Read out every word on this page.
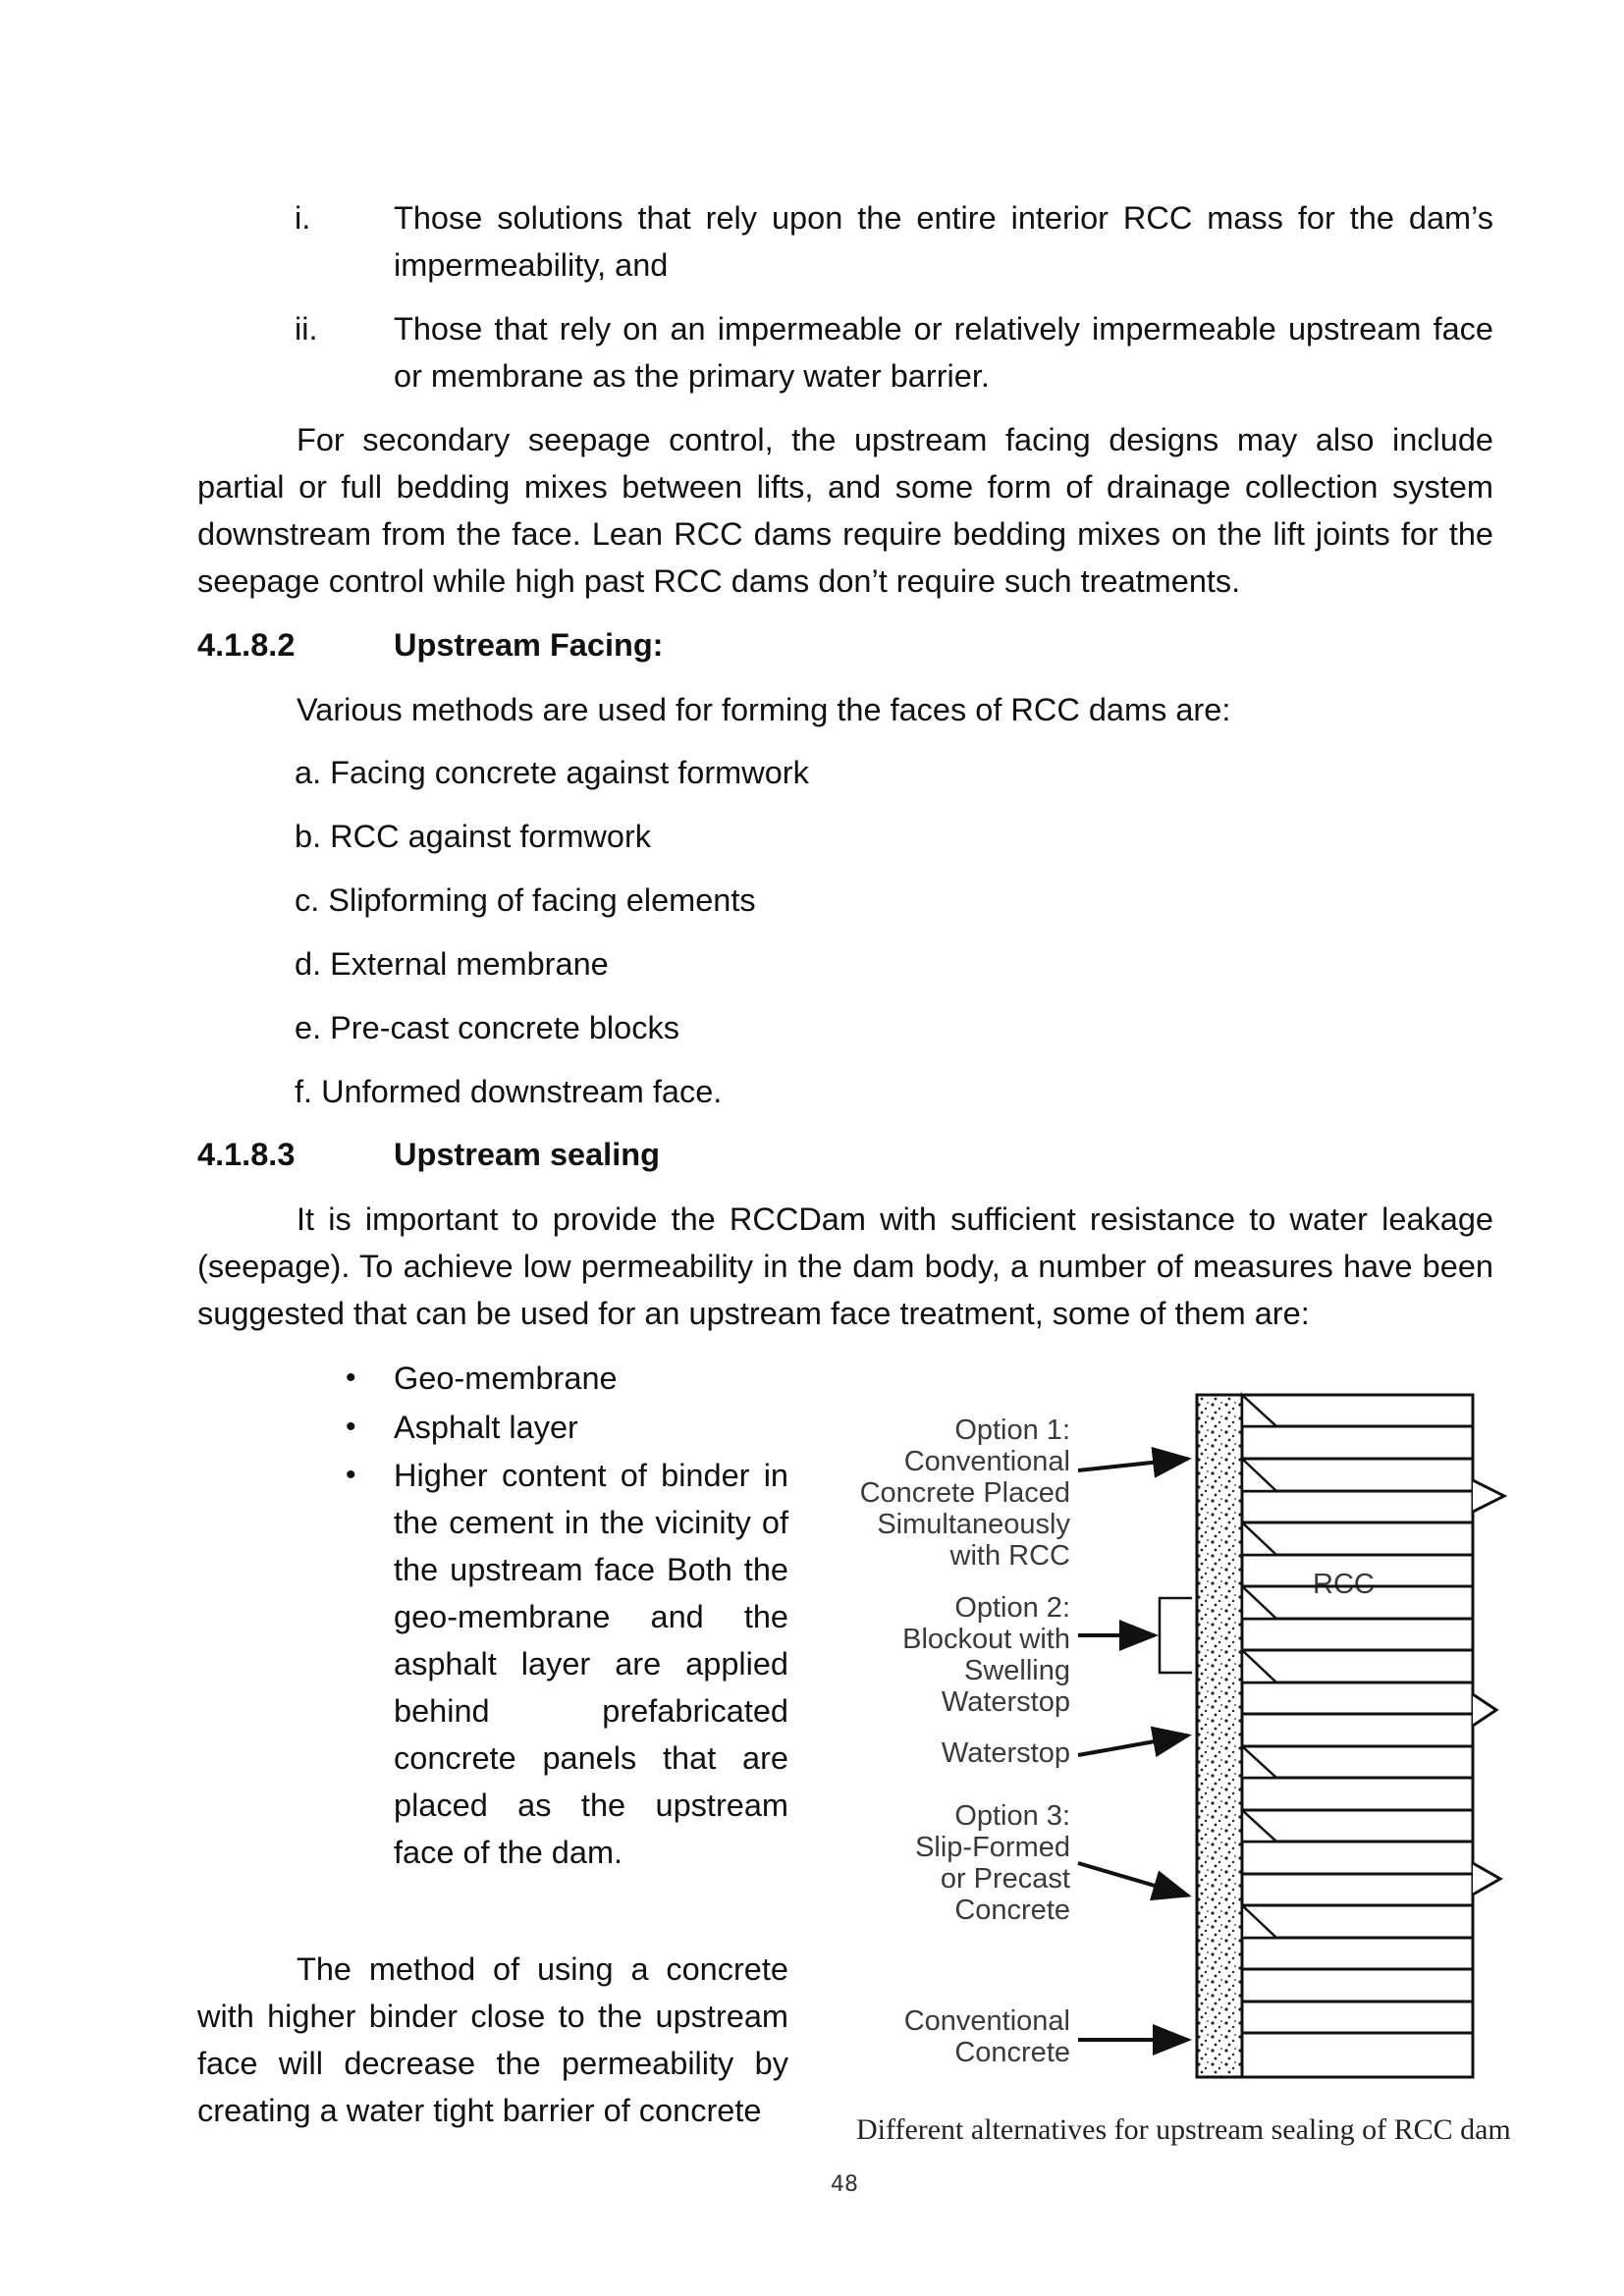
i.	Those solutions that rely upon the entire interior RCC mass for the dam’s impermeability, and

ii. Those that rely on an impermeable or relatively impermeable upstream face or membrane as the primary water barrier.

For secondary seepage control, the upstream facing designs may also include partial or full bedding mixes between lifts, and some form of drainage collection system downstream from the face. Lean RCC dams require bedding mixes on the lift joints for the seepage control while high past RCC dams don’t require such treatments.

4.1.8.2	Upstream Facing:

Various methods are used for forming the faces of RCC dams are:

a. Facing concrete against formwork
b. RCC against formwork
c. Slipforming of facing elements
d. External membrane
e. Pre-cast concrete blocks
f. Unformed downstream face.
4.1.8.3	Upstream sealing

It is important to provide the RCCDam with sufficient resistance to water leakage (seepage). To achieve low permeability in the dam body, a number of measures have been suggested that can be used for an upstream face treatment, some of them are:

• Geo-membrane

• Asphalt layer

• Higher content of binder in the cement in the vicinity of the upstream face Both the geo-membrane and the asphalt layer are applied behind prefabricated concrete panels that are placed as the upstream face of the dam.

The method of using a concrete with higher binder close to the upstream face will decrease the permeability by creating a water tight barrier of concrete

Option 1:
Conventional
Concrete Placed
Simultaneously
with RCC
Option 2:
Blockout with
Swelling
Waterstop
Waterstop
Option 3:
Slip-Formed
or Precast
Concrete
Conventional
Concrete
RCC
Different alternatives for upstream sealing of RCC dam
48
